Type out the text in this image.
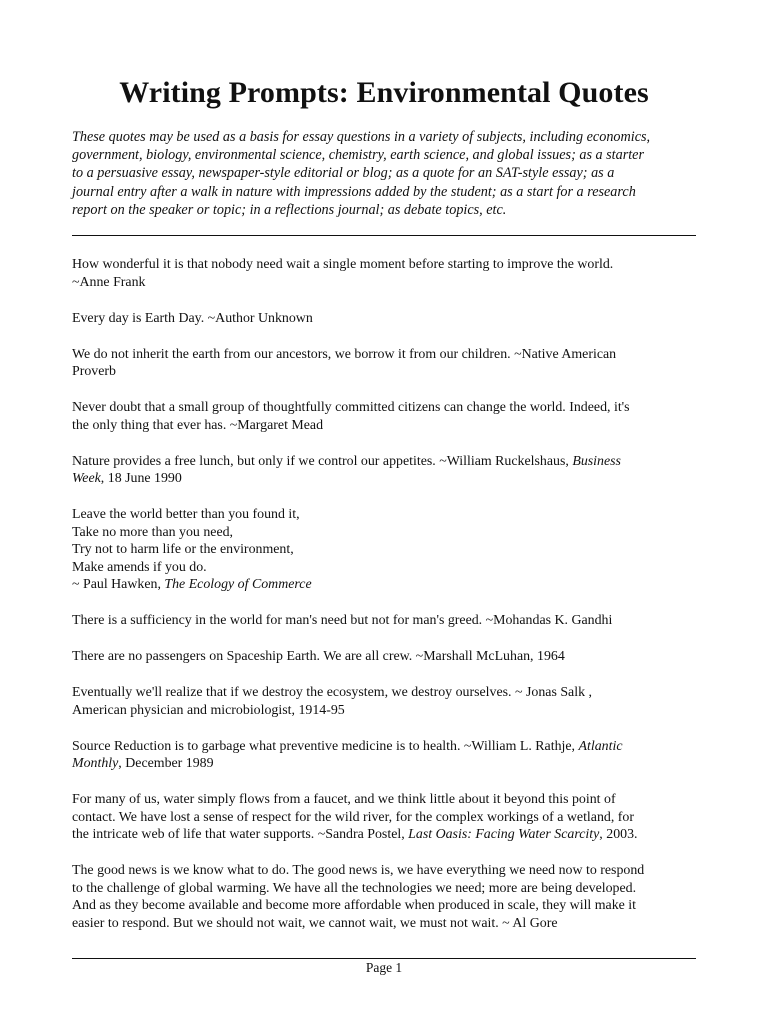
Writing Prompts: Environmental Quotes

These quotes may be used as a basis for essay questions in a variety of subjects, including economics,
government, biology, environmental science, chemistry, earth science, and global issues; as a starter
to a persuasive essay, newspaper-style editorial or blog; as a quote for an SAT-style essay; as a
journal entry after a walk in nature with impressions added by the student; as a start for a research
report on the speaker or topic; in a reflections journal; as debate topics, etc.

How wonderful it is that nobody need wait a single moment before starting to improve the world.
~Anne Frank

Every day is Earth Day. ~Author Unknown

We do not inherit the earth from our ancestors, we borrow it from our children. ~Native American
Proverb

Never doubt that a small group of thoughtfully committed citizens can change the world. Indeed, it's
the only thing that ever has. ~Margaret Mead

Nature provides a free lunch, but only if we control our appetites. ~William Ruckelshaus, Business
Week, 18 June 1990

Leave the world better than you found it,
Take no more than you need,
Try not to harm life or the environment,
Make amends if you do.
~ Paul Hawken, The Ecology of Commerce

There is a sufficiency in the world for man's need but not for man's greed. ~Mohandas K. Gandhi

There are no passengers on Spaceship Earth. We are all crew. ~Marshall McLuhan, 1964

Eventually we'll realize that if we destroy the ecosystem, we destroy ourselves. ~ Jonas Salk ,
American physician and microbiologist, 1914-95

Source Reduction is to garbage what preventive medicine is to health. ~William L. Rathje, Atlantic
Monthly, December 1989

For many of us, water simply flows from a faucet, and we think little about it beyond this point of
contact. We have lost a sense of respect for the wild river, for the complex workings of a wetland, for
the intricate web of life that water supports. ~Sandra Postel, Last Oasis: Facing Water Scarcity, 2003.

The good news is we know what to do. The good news is, we have everything we need now to respond
to the challenge of global warming. We have all the technologies we need; more are being developed.
And as they become available and become more affordable when produced in scale, they will make it
easier to respond. But we should not wait, we cannot wait, we must not wait. ~ Al Gore

Page 1
